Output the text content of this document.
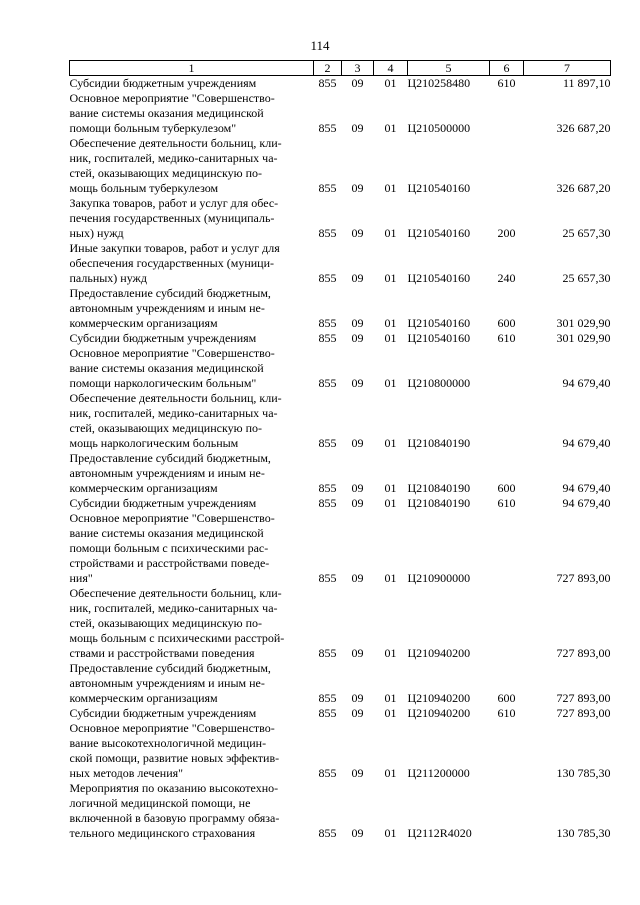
114
1	2	3	4	5	6	7

Субсидии бюджетным учреждениям	855	09	01	Ц210258480	610	11 897,10

Основное мероприятие "Совершенство-
вание системы оказания медицинской
помощи больным туберкулезом"	855	09	01	Ц210500000		326 687,20

Обеспечение деятельности больниц, кли-
ник, госпиталей, медико-санитарных ча-
стей, оказывающих медицинскую по-
мощь больным туберкулезом	855	09	01	Ц210540160		326 687,20

Закупка товаров, работ и услуг для обес-
печения государственных (муниципаль-
ных) нужд	855	09	01	Ц210540160	200	25 657,30

Иные закупки товаров, работ и услуг для
обеспечения государственных (муници-
пальных) нужд	855	09	01	Ц210540160	240	25 657,30

Предоставление субсидий бюджетным,
автономным учреждениям и иным не-
коммерческим организациям	855	09	01	Ц210540160	600	301 029,90

Субсидии бюджетным учреждениям	855	09	01	Ц210540160	610	301 029,90

Основное мероприятие "Совершенство-
вание системы оказания медицинской
помощи наркологическим больным"	855	09	01	Ц210800000		94 679,40

Обеспечение деятельности больниц, кли-
ник, госпиталей, медико-санитарных ча-
стей, оказывающих медицинскую по-
мощь наркологическим больным	855	09	01	Ц210840190		94 679,40

Предоставление субсидий бюджетным,
автономным учреждениям и иным не-
коммерческим организациям	855	09	01	Ц210840190	600	94 679,40

Субсидии бюджетным учреждениям	855	09	01	Ц210840190	610	94 679,40

Основное мероприятие "Совершенство-
вание системы оказания медицинской
помощи больным с психическими рас-
стройствами и расстройствами поведе-
ния"	855	09	01	Ц210900000		727 893,00

Обеспечение деятельности больниц, кли-
ник, госпиталей, медико-санитарных ча-
стей, оказывающих медицинскую по-
мощь больным с психическими расстрой-
ствами и расстройствами поведения	855	09	01	Ц210940200		727 893,00

Предоставление субсидий бюджетным,
автономным учреждениям и иным не-
коммерческим организациям	855	09	01	Ц210940200	600	727 893,00

Субсидии бюджетным учреждениям	855	09	01	Ц210940200	610	727 893,00

Основное мероприятие "Совершенство-
вание высокотехнологичной медицин-
ской помощи, развитие новых эффектив-
ных методов лечения"	855	09	01	Ц211200000		130 785,30

Мероприятия по оказанию высокотехно-
логичной медицинской помощи, не
включенной в базовую программу обяза-
тельного медицинского страхования	855	09	01	Ц2112R4020		130 785,30
